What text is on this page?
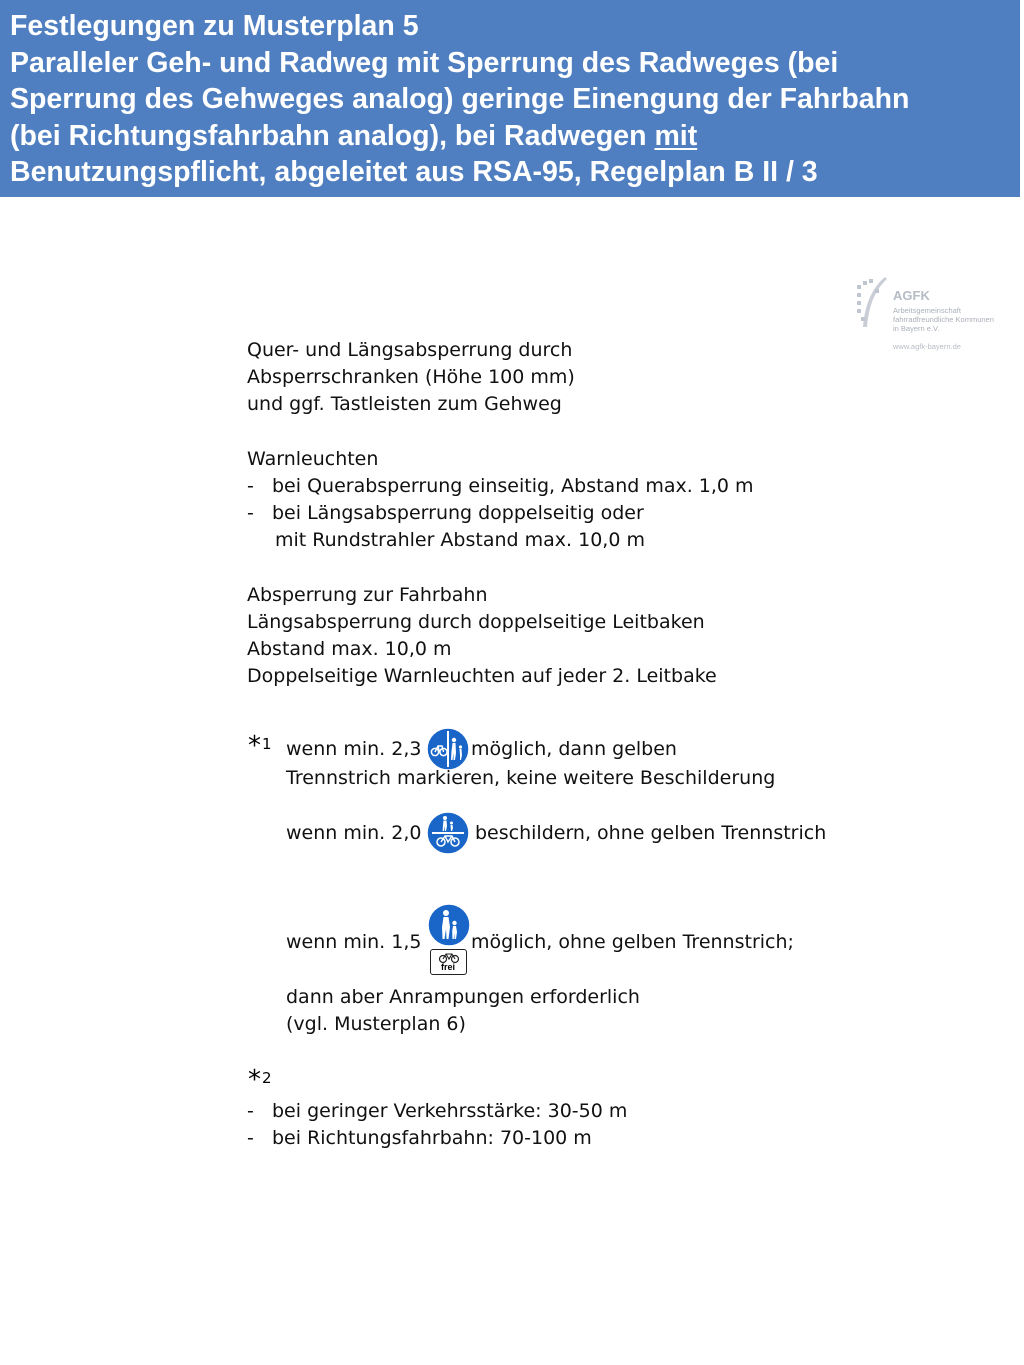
Festlegungen zu Musterplan 5
Paralleler Geh- und Radweg mit Sperrung des Radweges (bei
Sperrung des Gehweges analog) geringe Einengung der Fahrbahn
(bei Richtungsfahrbahn analog), bei Radwegen mit
Benutzungspflicht, abgeleitet aus RSA-95, Regelplan B II / 3
AGFK
Arbeitsgemeinschaft
fahrradfreundliche Kommunen
in Bayern e.V.
www.agfk-bayern.de
Quer- und Längsabsperrung durch
Absperrschranken (Höhe 100 mm)
und ggf. Tastleisten zum Gehweg
Warnleuchten
- bei Querabsperrung einseitig, Abstand max. 1,0 m
- bei Längsabsperrung doppelseitig oder
mit Rundstrahler Abstand max. 10,0 m
Absperrung zur Fahrbahn
Längsabsperrung durch doppelseitige Leitbaken
Abstand max. 10,0 m
Doppelseitige Warnleuchten auf jeder 2. Leitbake
*$^1$ wenn min. 2,3	möglich, dann gelben
Trennstrich markieren, keine weitere Beschilderung
wenn min. 2,0	beschildern, ohne gelben Trennstrich
wenn min. 1,5
frei
möglich, ohne gelben Trennstrich;
dann aber Anrampungen erforderlich
(vgl. Musterplan 6)
*$^2$
- bei geringer Verkehrsstärke: 30-50 m
- bei Richtungsfahrbahn: 70-100 m
